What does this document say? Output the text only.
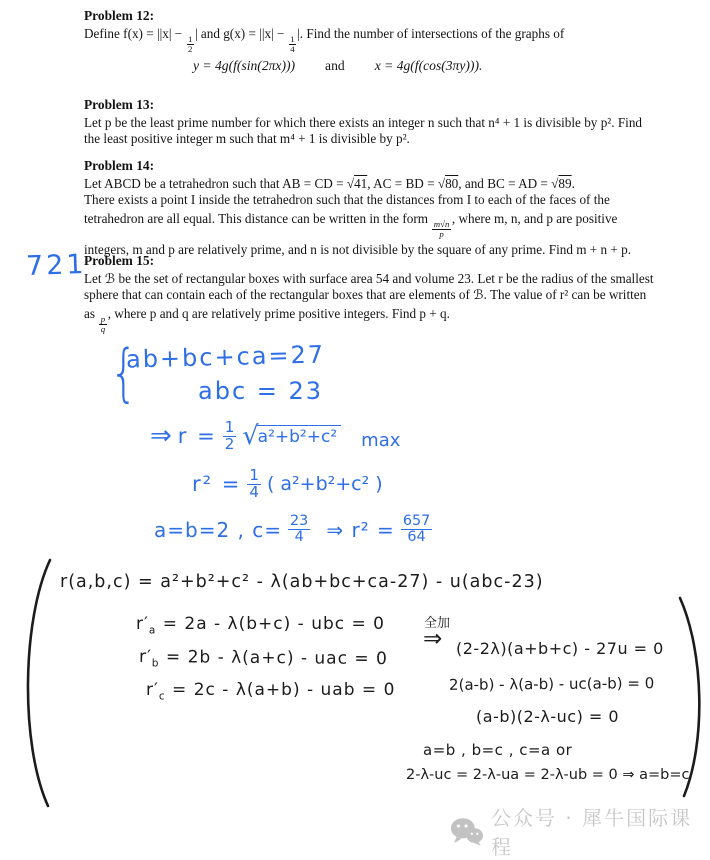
Problem 12:
Define f(x) = ||x| −
$\frac{1}{2}$
| and g(x) = ||x| −
$\frac{1}{4}$
|. Find the number of intersections of the graphs of
y = 4g(f(sin(2πx))) and x = 4g(f(cos(3πy))).
Problem 13:
Let p be the least prime number for which there exists an integer n such that n⁴ + 1 is divisible by p². Find
the least positive integer m such that m⁴ + 1 is divisible by p².
Problem 14:
Let ABCD be a tetrahedron such that AB = CD = √41, AC = BD = √80, and BC = AD = √89.
There exists a point I inside the tetrahedron such that the distances from I to each of the faces of the
tetrahedron are all equal. This distance can be written in the form
$\frac{m√n}{p}$
, where m, n, and p are positive
integers, m and p are relatively prime, and n is not divisible by the square of any prime. Find m + n + p.
721
Problem 15:
Let ℬ be the set of rectangular boxes with surface area 54 and volume 23. Let r be the radius of the smallest
sphere that can contain each of the rectangular boxes that are elements of ℬ. The value of r² can be written
as
$\frac{p}{q}$
, where p and q are relatively prime positive integers. Find p + q.
{
ab+bc+ca=27
abc = 23
⇒ $r = \frac{1}{2}$ √ a²+b²+c² max
$r^2 = \frac{1}{4}$ ( a²+b²+c² )
a=b=2 , $c= \frac{23}{4}$ ⇒ $r^2 = \frac{657}{64}$
r(a,b,c) = a²+b²+c² - λ(ab+bc+ca-27) - u(abc-23)
$r'_a = 2a - \lambda(b+c)$ - ubc = 0
$r'_b = 2b - \lambda(a+c)$ - uac = 0
$r'_c = 2c - \lambda(a+b)$ - uab = 0
全加
⇒ (2-2λ)(a+b+c) - 27u = 0
2(a-b) - λ(a-b) - uc(a-b) = 0
(a-b)(2-λ-uc) = 0
a=b , b=c , c=a or
2-λ-uc = 2-λ-ua = 2-λ-ub = 0 ⇒ a=b=c
公众号 · 犀牛国际课程
